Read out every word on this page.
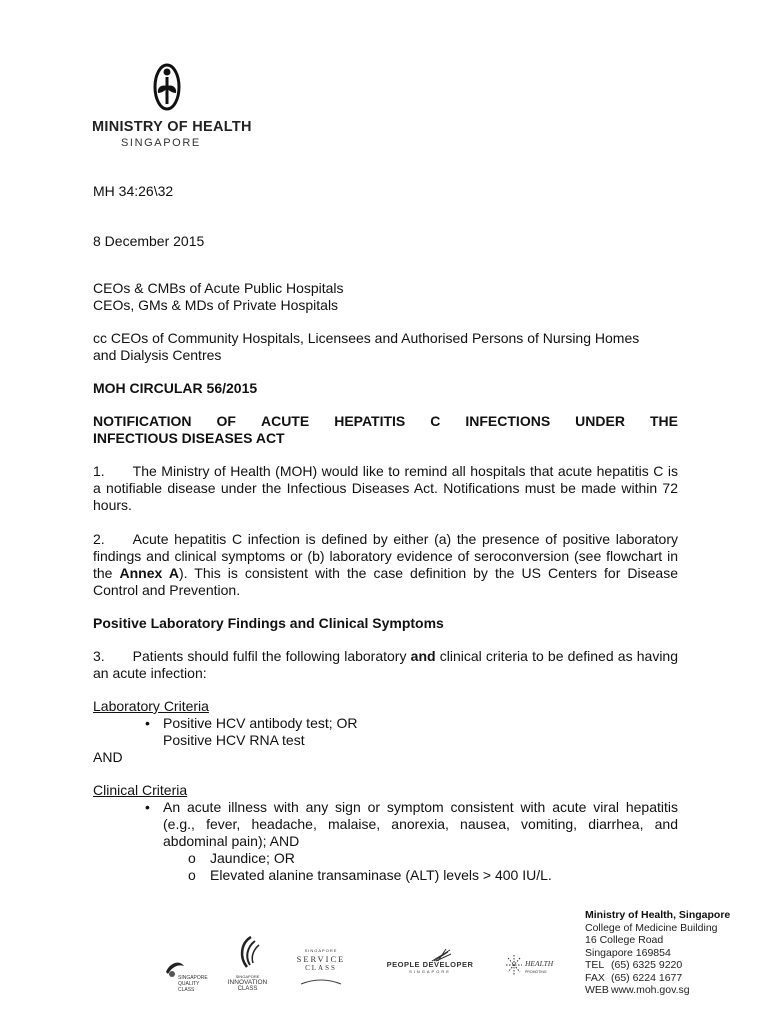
MINISTRY OF HEALTH
SINGAPORE
MH 34:26\32
8 December 2015
CEOs & CMBs of Acute Public Hospitals
CEOs, GMs & MDs of Private Hospitals
cc CEOs of Community Hospitals, Licensees and Authorised Persons of Nursing Homes
and Dialysis Centres
MOH CIRCULAR 56/2015
NOTIFICATION OF ACUTE HEPATITIS C INFECTIONS UNDER THE
INFECTIOUS DISEASES ACT
1.  The Ministry of Health (MOH) would like to remind all hospitals that acute hepatitis C is a notifiable disease under the Infectious Diseases Act. Notifications must be made within 72 hours.
2.  Acute hepatitis C infection is defined by either (a) the presence of positive laboratory findings and clinical symptoms or (b) laboratory evidence of seroconversion (see flowchart in the Annex A). This is consistent with the case definition by the US Centers for Disease Control and Prevention.
Positive Laboratory Findings and Clinical Symptoms
3.  Patients should fulfil the following laboratory and clinical criteria to be defined as having an acute infection:
Laboratory Criteria
• Positive HCV antibody test; OR
Positive HCV RNA test
AND
Clinical Criteria
• An acute illness with any sign or symptom consistent with acute viral hepatitis (e.g., fever, headache, malaise, anorexia, nausea, vomiting, diarrhea, and abdominal pain); AND
o Jaundice; OR
o Elevated alanine transaminase (ALT) levels > 400 IU/L.
SINGAPORE QUALITY CLASS
SINGAPORE
INNOVATION
CLASS
SINGAPORE
SERVICE
CLASS	PEOPLE DEVELOPER
SINGAPORE
HEALTH
PROMOTING
Ministry of Health, Singapore
College of Medicine Building
16 College Road
Singapore 169854
TEL (65) 6325 9220
FAX (65) 6224 1677
WEB www.moh.gov.sg
